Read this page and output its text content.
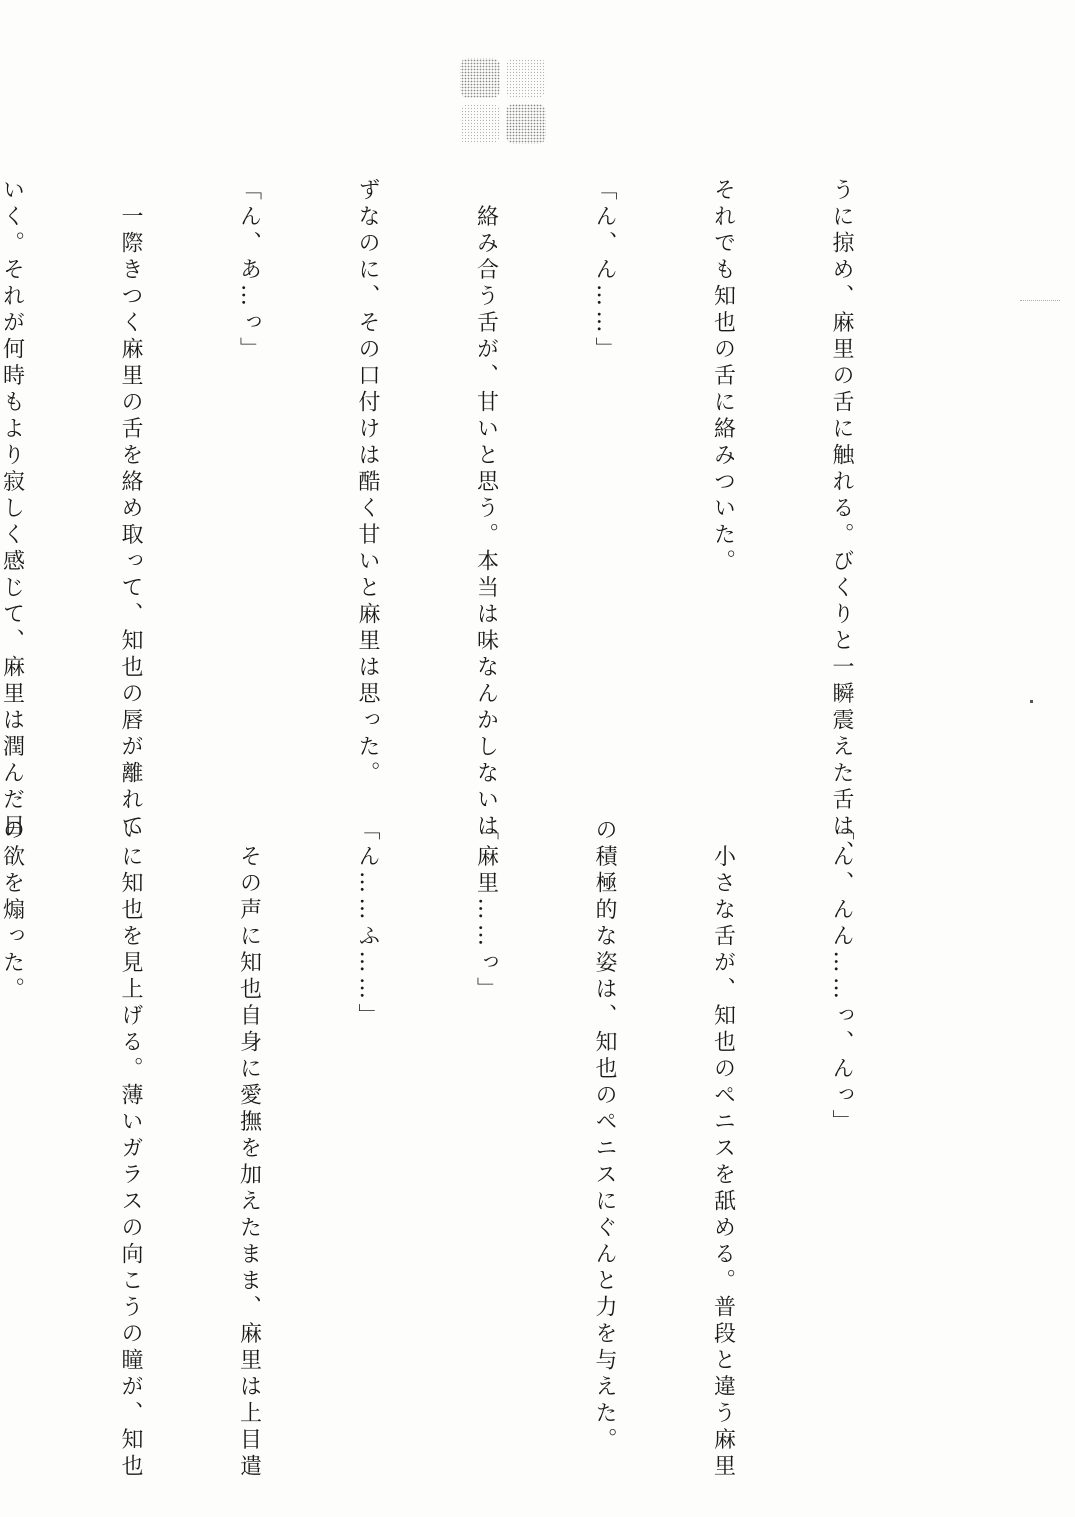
うに掠め、麻里の舌に触れる。びくりと一瞬震えた舌は、

それでも知也の舌に絡みついた。

「ん、ん……」

　絡み合う舌が、甘いと思う。本当は味なんかしないは

ずなのに、その口付けは酷く甘いと麻里は思った。

「ん、あ…っ」

　一際きつく麻里の舌を絡め取って、知也の唇が離れて

いく。それが何時もより寂しく感じて、麻里は潤んだ目

「ん、んん……っ、んっ」

　小さな舌が、知也のペニスを舐める。普段と違う麻里

の積極的な姿は、知也のペニスにぐんと力を与えた。

「麻里……っ」

「ん……ふ……」

　その声に知也自身に愛撫を加えたまま、麻里は上目遣

いに知也を見上げる。薄いガラスの向こうの瞳が、知也

の欲を煽った。
